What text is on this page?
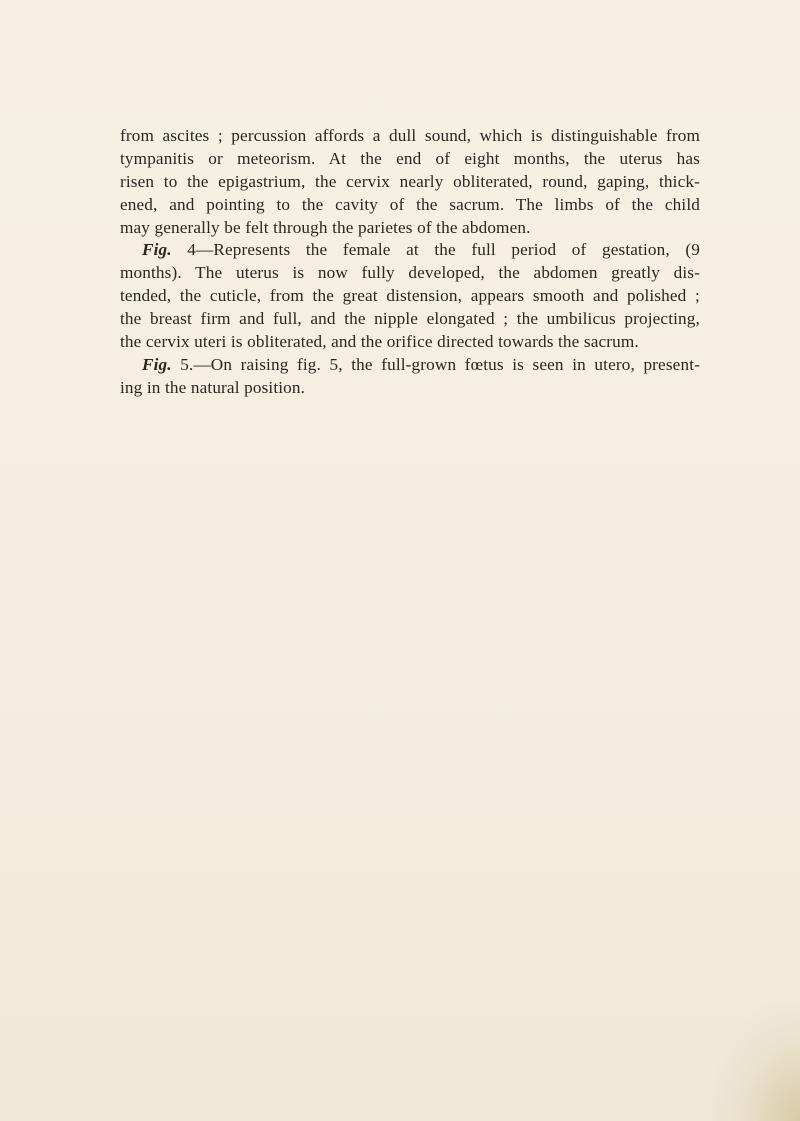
from ascites ; percussion affords a dull sound, which is distinguishable from
tympanitis or meteorism. At the end of eight months, the uterus has
risen to the epigastrium, the cervix nearly obliterated, round, gaping, thick-
ened, and pointing to the cavity of the sacrum. The limbs of the child
may generally be felt through the parietes of the abdomen.
Fig. 4—Represents the female at the full period of gestation, (9
months). The uterus is now fully developed, the abdomen greatly dis-
tended, the cuticle, from the great distension, appears smooth and polished ;
the breast firm and full, and the nipple elongated ; the umbilicus projecting,
the cervix uteri is obliterated, and the orifice directed towards the sacrum.
Fig. 5.—On raising fig. 5, the full-grown fœtus is seen in utero, present-
ing in the natural position.
